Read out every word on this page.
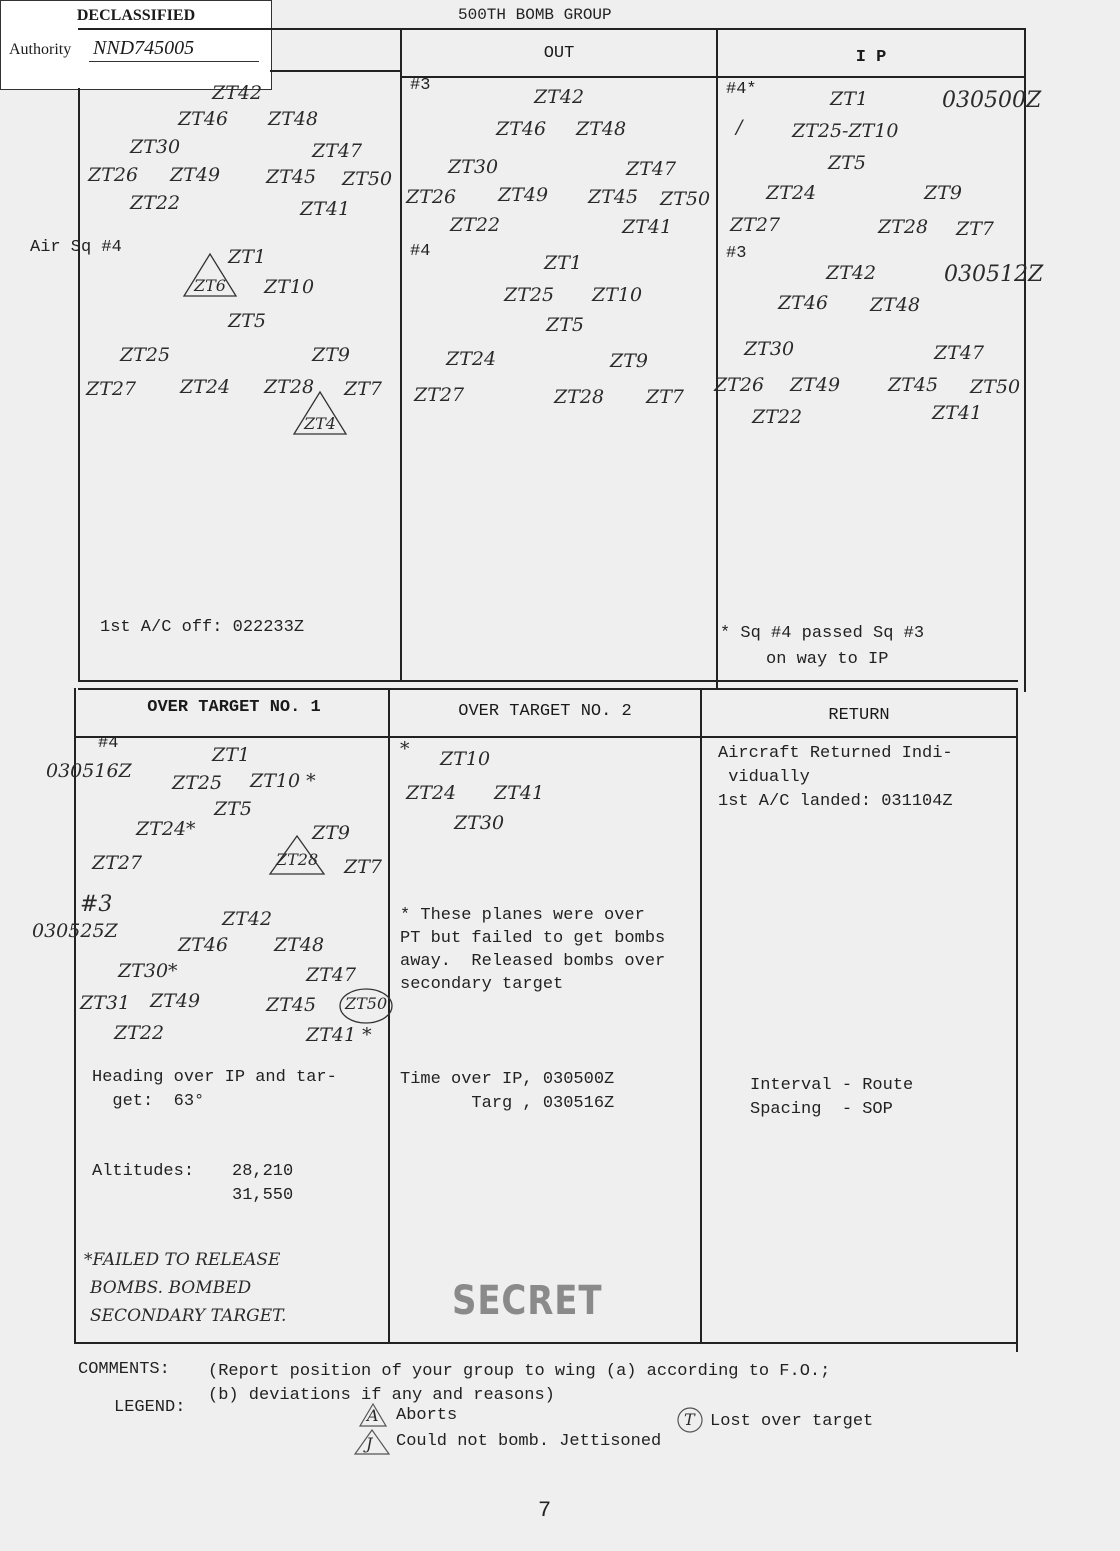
DECLASSIFIED
Authority NND745005
500TH BOMB GROUP
OUT	I P
OVER TARGET NO. 1	OVER TARGET NO. 2	RETURN
Air Sq #4
ZT42
ZT46 ZT48
ZT30	ZT47
ZT26 ZT49 ZT45 ZT50
ZT22	ZT41
ZT1
ZT10
ZT5
ZT25	ZT9
ZT27 ZT24 ZT28 ZT7
ZT6
ZT4
1st A/C off: 022233Z
#3
#4
ZT42
ZT46 ZT48
ZT30	ZT47
ZT26 ZT49 ZT45 ZT50
ZT22	ZT41
ZT1
ZT25 ZT10
ZT5
ZT24	ZT9
ZT27	ZT28 ZT7
#4*	030500Z
/
#3
030512Z
ZT1
ZT25-ZT10
ZT5
ZT24	ZT9
ZT27	ZT28 ZT7
ZT42
ZT46 ZT48
ZT30	ZT47
ZT26 ZT49	ZT45 ZT50
ZT22	ZT41
* Sq #4 passed Sq #3
on way to IP
#4
030516Z
#3
030525Z
ZT1
ZT25 ZT10 *
ZT5
ZT24*	ZT9
ZT27	ZT7
ZT42
ZT46 ZT48
ZT30*	ZT47
ZT31 ZT49	ZT45
ZT22	ZT41 *
ZT28
ZT50
Heading over IP and tar-
get:  63°
Altitudes: 28,210
31,550
*FAILED TO RELEASE
BOMBS. BOMBED
SECONDARY TARGET.
* ZT10
ZT24 ZT41
ZT30
* These planes were over
PT but failed to get bombs
away.  Released bombs over
secondary target
Time over IP, 030500Z
Targ , 030516Z
Aircraft Returned Indi-
vidually
1st A/C landed: 031104Z
Interval - Route
Spacing  - SOP
SECRET
COMMENTS: (Report position of your group to wing (a) according to F.O.;
(b) deviations if any and reasons)
LEGEND:	A Aborts	T Lost over target
J Could not bomb. Jettisoned
7
